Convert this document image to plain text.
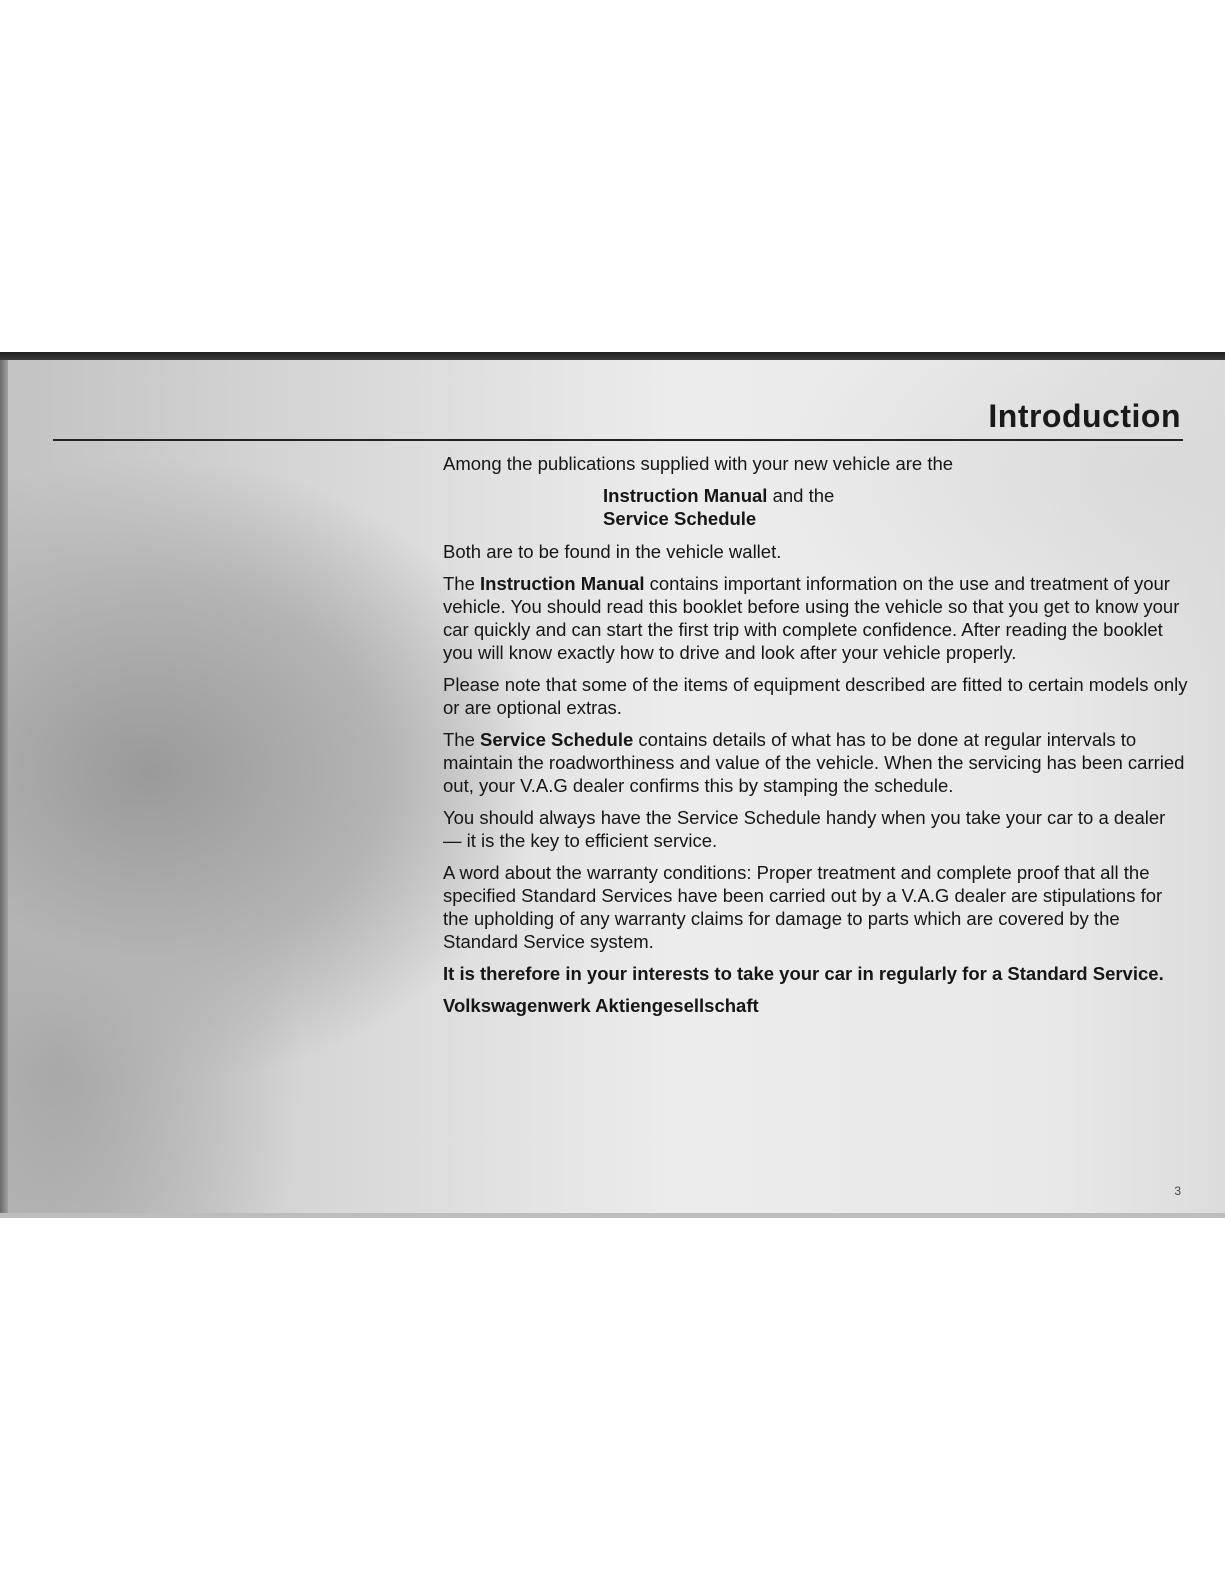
Introduction

Among the publications supplied with your new vehicle are the

Instruction Manual and the
Service Schedule

Both are to be found in the vehicle wallet.

The Instruction Manual contains important information on the use and treatment of your vehicle. You should read this booklet before using the vehicle so that you get to know your car quickly and can start the first trip with complete confidence. After reading the booklet you will know exactly how to drive and look after your vehicle properly.

Please note that some of the items of equipment described are fitted to certain models only or are optional extras.

The Service Schedule contains details of what has to be done at regular intervals to maintain the roadworthiness and value of the vehicle. When the servicing has been carried out, your V.A.G dealer confirms this by stamping the schedule.

You should always have the Service Schedule handy when you take your car to a dealer — it is the key to efficient service.

A word about the warranty conditions: Proper treatment and complete proof that all the specified Standard Services have been carried out by a V.A.G dealer are stipulations for the upholding of any warranty claims for damage to parts which are covered by the Standard Service system.

It is therefore in your interests to take your car in regularly for a Standard Service.

Volkswagenwerk Aktiengesellschaft

3
